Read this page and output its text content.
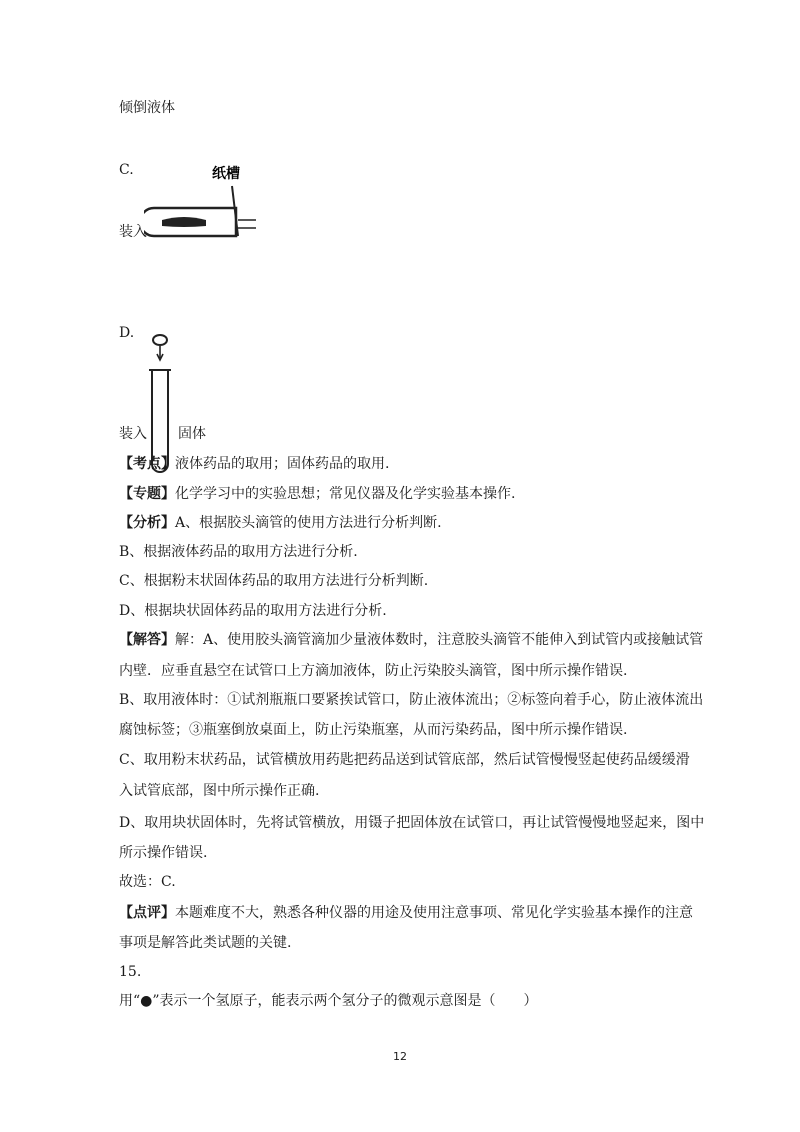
倾倒液体
C.	纸槽
装入
D.
装入 固体
【考点】液体药品的取用；固体药品的取用.
【专题】化学学习中的实验思想；常见仪器及化学实验基本操作.
【分析】A、根据胶头滴管的使用方法进行分析判断.
B、根据液体药品的取用方法进行分析.
C、根据粉末状固体药品的取用方法进行分析判断.
D、根据块状固体药品的取用方法进行分析.
【解答】解：A、使用胶头滴管滴加少量液体数时，注意胶头滴管不能伸入到试管内或接触试管
内壁．应垂直悬空在试管口上方滴加液体，防止污染胶头滴管，图中所示操作错误.
B、取用液体时：①试剂瓶瓶口要紧挨试管口，防止液体流出；②标签向着手心，防止液体流出
腐蚀标签；③瓶塞倒放桌面上，防止污染瓶塞，从而污染药品，图中所示操作错误.
C、取用粉末状药品，试管横放用药匙把药品送到试管底部，然后试管慢慢竖起使药品缓缓滑
入试管底部，图中所示操作正确.
D、取用块状固体时，先将试管横放，用镊子把固体放在试管口，再让试管慢慢地竖起来，图中
所示操作错误.
故选：C.
【点评】本题难度不大，熟悉各种仪器的用途及使用注意事项、常见化学实验基本操作的注意
事项是解答此类试题的关键.
15.
用“●”表示一个氢原子，能表示两个氢分子的微观示意图是（　　）
12
